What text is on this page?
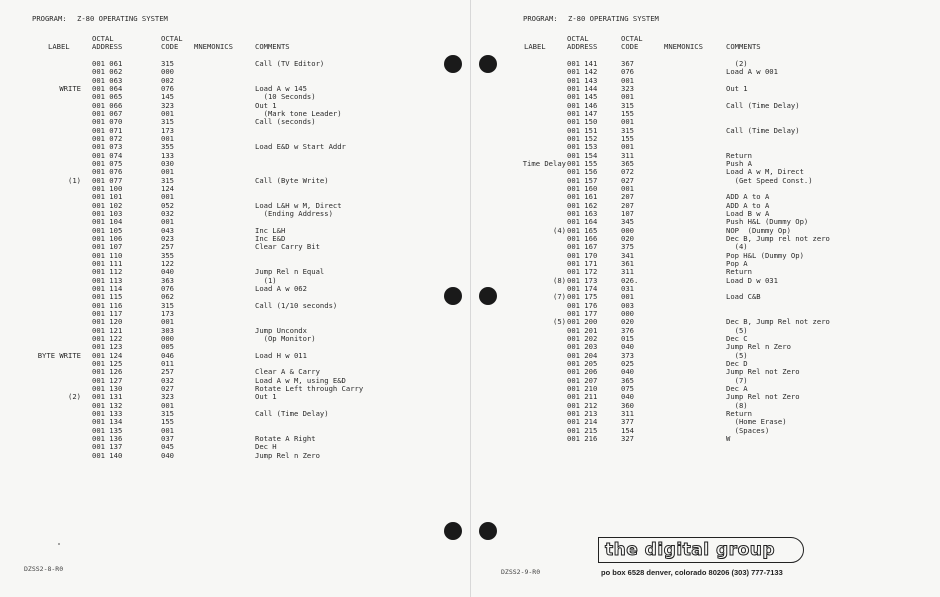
PROGRAM: Z-80 OPERATING SYSTEM
OCTAL	OCTAL
LABEL	ADDRESS	CODE MNEMONICS	COMMENTS
001 061	315	Call (TV Editor)
001 062	000
001 063	002
WRITE 001 064	076	Load A w 145
001 065	145	(10 Seconds)
001 066	323	Out 1
001 067	001	(Mark tone Leader)
001 070	315	Call (seconds)
001 071	173
001 072	001
001 073	355	Load E&D w Start Addr
001 074	133
001 075	030
001 076	001
(1) 001 077	315	Call (Byte Write)
001 100	124
001 101	001
001 102	052	Load L&H w M, Direct
001 103	032	(Ending Address)
001 104	001
001 105	043	Inc L&H
001 106	023	Inc E&D
001 107	257	Clear Carry Bit
001 110	355
001 111	122
001 112	040	Jump Rel n Equal
001 113	363	(1)
001 114	076	Load A w 062
001 115	062
001 116	315	Call (1/10 seconds)
001 117	173
001 120	001
001 121	303	Jump Uncondx
001 122	000	(Op Monitor)
001 123	005
BYTE WRITE 001 124	046	Load H w 011
001 125	011
001 126	257	Clear A & Carry
001 127	032	Load A w M, using E&D
001 130	027	Rotate Left through Carry
(2) 001 131	323	Out 1
001 132	001
001 133	315	Call (Time Delay)
001 134	155
001 135	001
001 136	037	Rotate A Right
001 137	045	Dec H
001 140	040	Jump Rel n Zero
DZSS2-8-R0
PROGRAM: Z-80 OPERATING SYSTEM
OCTAL	OCTAL
LABEL	ADDRESS	CODE	MNEMONICS	COMMENTS
001 141	367	(2)
001 142	076	Load A w 001
001 143	001
001 144	323	Out 1
001 145	001
001 146	315	Call (Time Delay)
001 147	155
001 150	001
001 151	315	Call (Time Delay)
001 152	155
001 153	001
001 154	311	Return
Time Delay 001 155	365	Push A
001 156	072	Load A w M, Direct
001 157	027	(Get Speed Const.)
001 160	001
001 161	207	ADD A to A
001 162	207	ADD A to A
001 163	107	Load B w A
001 164	345	Push H&L (Dummy Op)
(4) 001 165	000	NOP  (Dummy Op)
001 166	020	Dec B, Jump rel not zero
001 167	375	(4)
001 170	341	Pop H&L (Dummy Op)
001 171	361	Pop A
001 172	311	Return
(8) 001 173	026.	Load D w 031
001 174	031
(7) 001 175	001	Load C&B
001 176	003
001 177	000
(5) 001 200	020	Dec B, Jump Rel not zero
001 201	376	(5)
001 202	015	Dec C
001 203	040	Jump Rel n Zero
001 204	373	(5)
001 205	025	Dec D
001 206	040	Jump Rel not Zero
001 207	365	(7)
001 210	075	Dec A
001 211	040	Jump Rel not Zero
001 212	360	(8)
001 213	311	Return
001 214	377	(Home Erase)
001 215	154	(Spaces)
001 216	327	W
DZSS2-9-R0
the digital group
po box 6528 denver, colorado 80206 (303) 777-7133
